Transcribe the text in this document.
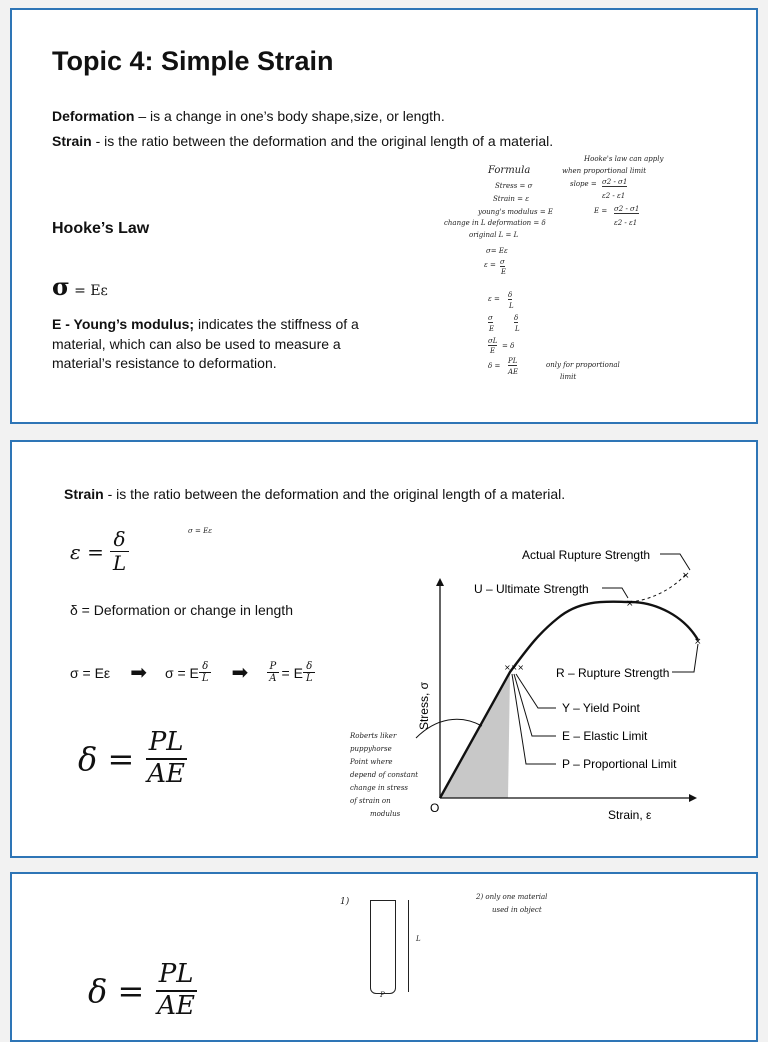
Topic 4: Simple Strain
Deformation – is a change in one’s body shape,size, or length.
Strain - is the ratio between the deformation and the original length of a material.
Hooke’s Law
σ = Eε
E - Young’s modulus; indicates the stiffness of a material, which can also be used to measure a material’s resistance to deformation.
Formula
Stress = σ
Strain = ε
young's modulus = E
change in L deformation = δ
original L = L
Hooke's law can apply
when proportional limit
slope = σ2 - σ1
ε2 - ε1
E = σ2 - σ1
ε2 - ε1
σ= Eε
ε = σ
E
ε = δ
L
σ
E
δ
L
σL
E
= δ
δ =
PL
AE
only for proportional
limit
Strain - is the ratio between the deformation and the original length of a material.
$\varepsilon = \frac{\delta}{L}$	σ = Eε
δ = Deformation or change in length
σ = Eε ➡ σ = E $\frac{\delta}{L}$ ➡ $\frac{P}{A} = E \frac{\delta}{L}$
$\delta = \frac{PL}{AE}$
×
×
×
×××
Actual Rupture Strength
U – Ultimate Strength
R – Rupture Strength
Y – Yield Point
E – Elastic Limit
P – Proportional Limit
Strain, ε
Stress, σ
O
Roberts liker
puppyhorse
Point where
depend of constant
change in stress
of strain on
modulus
$\delta = \frac{PL}{AE}$
1)
L
P
2) only one material
used in object
